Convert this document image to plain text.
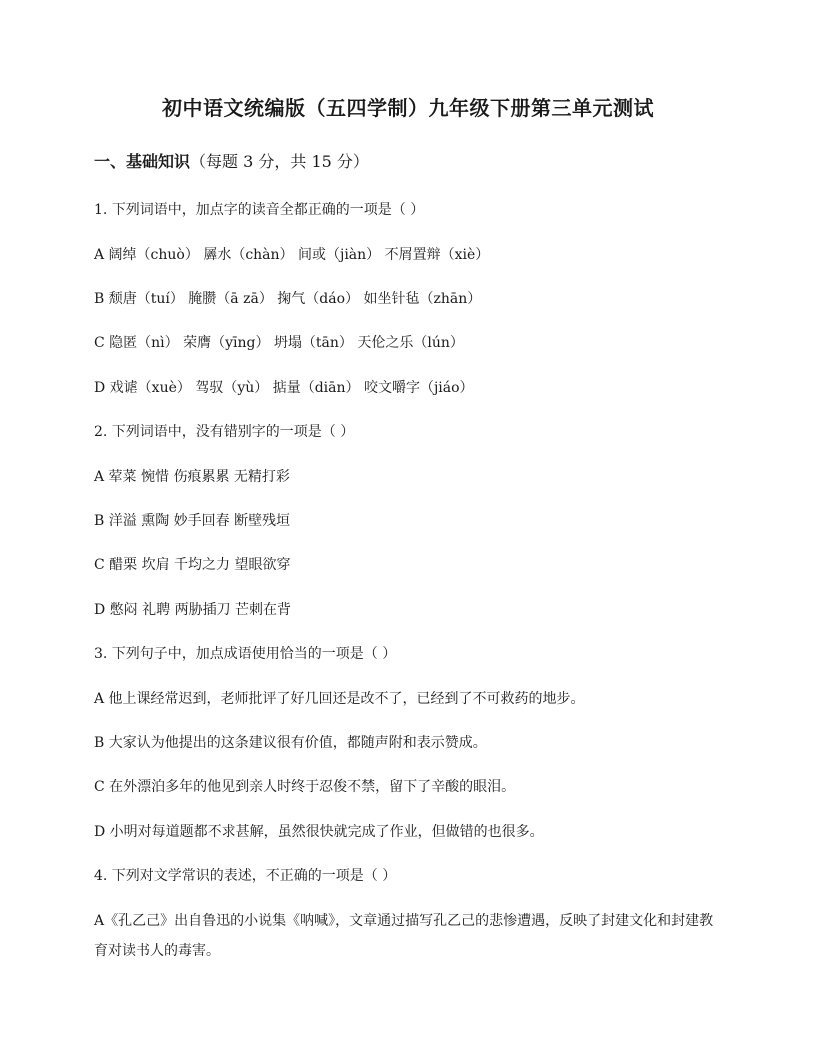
初中语文统编版（五四学制）九年级下册第三单元测试
一、基础知识（每题 3 分，共 15 分）
1. 下列词语中，加点字的读音全都正确的一项是（ ）
A 阔绰（chuò） 羼水（chàn） 间或（jiàn） 不屑置辩（xiè）
B 颓唐（tuí） 腌臜（ā zā） 掬气（dáo） 如坐针毡（zhān）
C 隐匿（nì） 荣膺（yīng） 坍塌（tān） 天伦之乐（lún）
D 戏谑（xuè） 驾驭（yù） 掂量（diān） 咬文嚼字（jiáo）
2. 下列词语中，没有错别字的一项是（ ）
A 荤菜 惋惜 伤痕累累 无精打彩
B 洋溢 熏陶 妙手回春 断壁残垣
C 醋栗 坎肩 千均之力 望眼欲穿
D 憋闷 礼聘 两胁插刀 芒刺在背
3. 下列句子中，加点成语使用恰当的一项是（ ）
A 他上课经常迟到，老师批评了好几回还是改不了，已经到了不可救药的地步。
B 大家认为他提出的这条建议很有价值，都随声附和表示赞成。
C 在外漂泊多年的他见到亲人时终于忍俊不禁，留下了辛酸的眼泪。
D 小明对每道题都不求甚解，虽然很快就完成了作业，但做错的也很多。
4. 下列对文学常识的表述，不正确的一项是（ ）
A《孔乙己》出自鲁迅的小说集《呐喊》，文章通过描写孔乙己的悲惨遭遇，反映了封建文化和封建教育对读书人的毒害。
